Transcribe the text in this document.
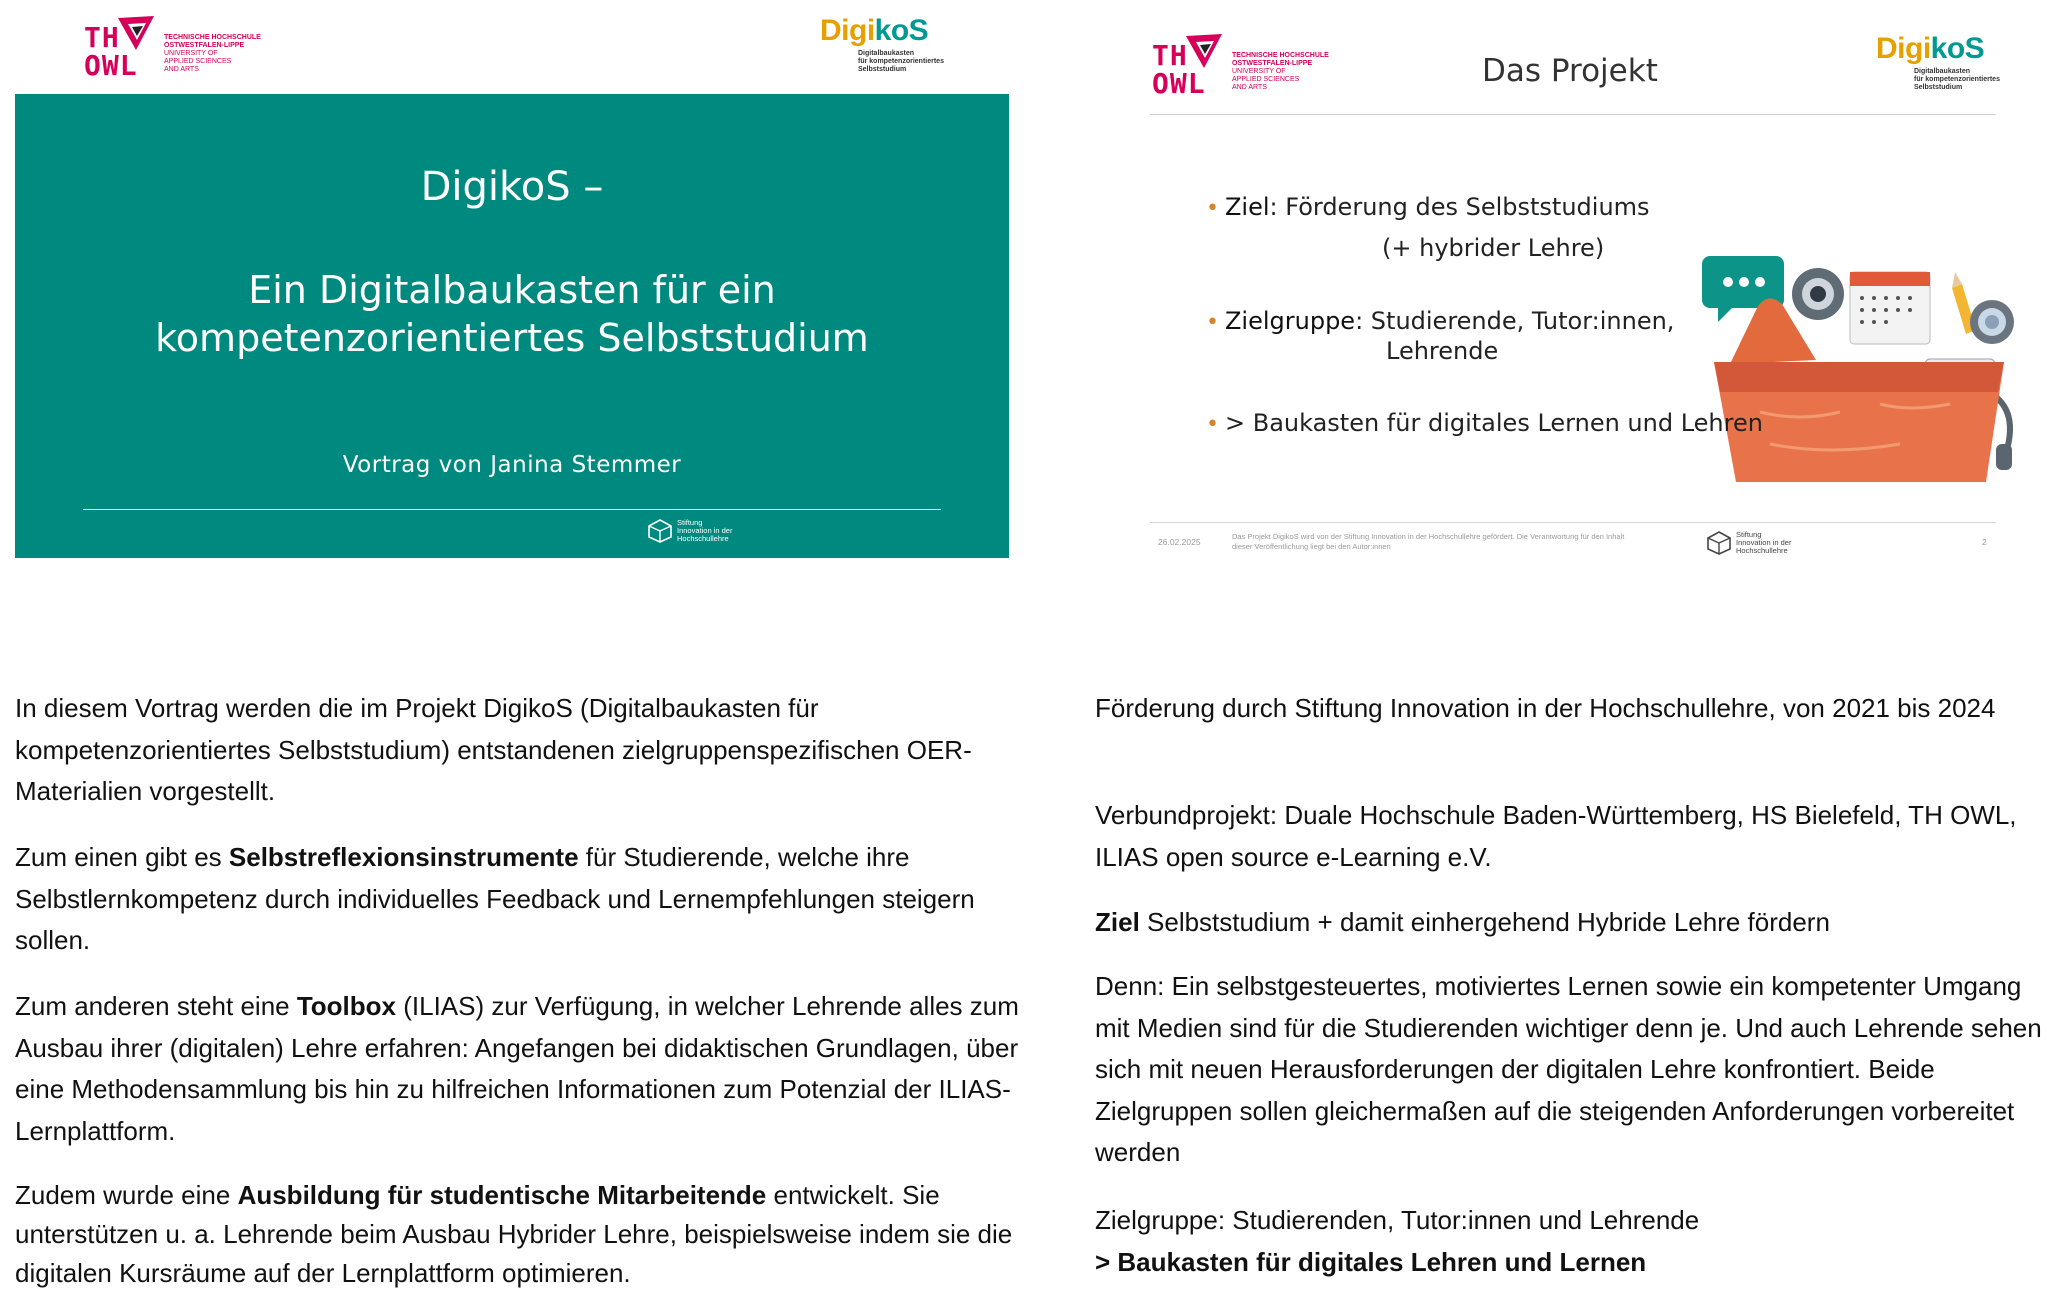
TH
OWL
TECHNISCHE HOCHSCHULE
OSTWESTFALEN-LIPPE
UNIVERSITY OF
APPLIED SCIENCES
AND ARTS
DigikoS
Digitalbaukasten
für kompetenzorientiertes
Selbststudium
DigikoS –
Ein Digitalbaukasten für ein
kompetenzorientiertes Selbststudium
Vortrag von Janina Stemmer
Stiftung
Innovation in der
Hochschullehre
TH
OWL
TECHNISCHE HOCHSCHULE
OSTWESTFALEN-LIPPE
UNIVERSITY OF
APPLIED SCIENCES
AND ARTS	Das Projekt
DigikoS
Digitalbaukasten
für kompetenzorientiertes
Selbststudium
• Ziel: Förderung des Selbststudiums
(+ hybrider Lehre)
• Zielgruppe: Studierende, Tutor:innen,
Lehrende
• > Baukasten für digitales Lernen und Lehren
26.02.2025
Das Projekt DigikoS wird von der Stiftung Innovation in der Hochschullehre gefördert. Die Verantwortung für den Inhalt
dieser Veröffentlichung liegt bei den Autor:innen
Stiftung
Innovation in der
Hochschullehre
2
In diesem Vortrag werden die im Projekt DigikoS (Digitalbaukasten für kompetenzorientiertes Selbststudium) entstandenen zielgruppenspezifischen OER-Materialien vorgestellt.
Zum einen gibt es Selbstreflexionsinstrumente für Studierende, welche ihre Selbstlernkompetenz durch individuelles Feedback und Lernempfehlungen steigern sollen.
Zum anderen steht eine Toolbox (ILIAS) zur Verfügung, in welcher Lehrende alles zum Ausbau ihrer (digitalen) Lehre erfahren: Angefangen bei didaktischen Grundlagen, über eine Methodensammlung bis hin zu hilfreichen Informationen zum Potenzial der ILIAS-Lernplattform.
Zudem wurde eine Ausbildung für studentische Mitarbeitende entwickelt. Sie unterstützen u. a. Lehrende beim Ausbau Hybrider Lehre, beispielsweise indem sie die digitalen Kursräume auf der Lernplattform optimieren.
Förderung durch Stiftung Innovation in der Hochschullehre, von 2021 bis 2024
Verbundprojekt: Duale Hochschule Baden-Württemberg, HS Bielefeld, TH OWL, ILIAS open source e-Learning e.V.
Ziel Selbststudium + damit einhergehend Hybride Lehre fördern
Denn: Ein selbstgesteuertes, motiviertes Lernen sowie ein kompetenter Umgang mit Medien sind für die Studierenden wichtiger denn je. Und auch Lehrende sehen sich mit neuen Herausforderungen der digitalen Lehre konfrontiert. Beide Zielgruppen sollen gleichermaßen auf die steigenden Anforderungen vorbereitet werden
Zielgruppe: Studierenden, Tutor:innen und Lehrende
> Baukasten für digitales Lehren und Lernen
